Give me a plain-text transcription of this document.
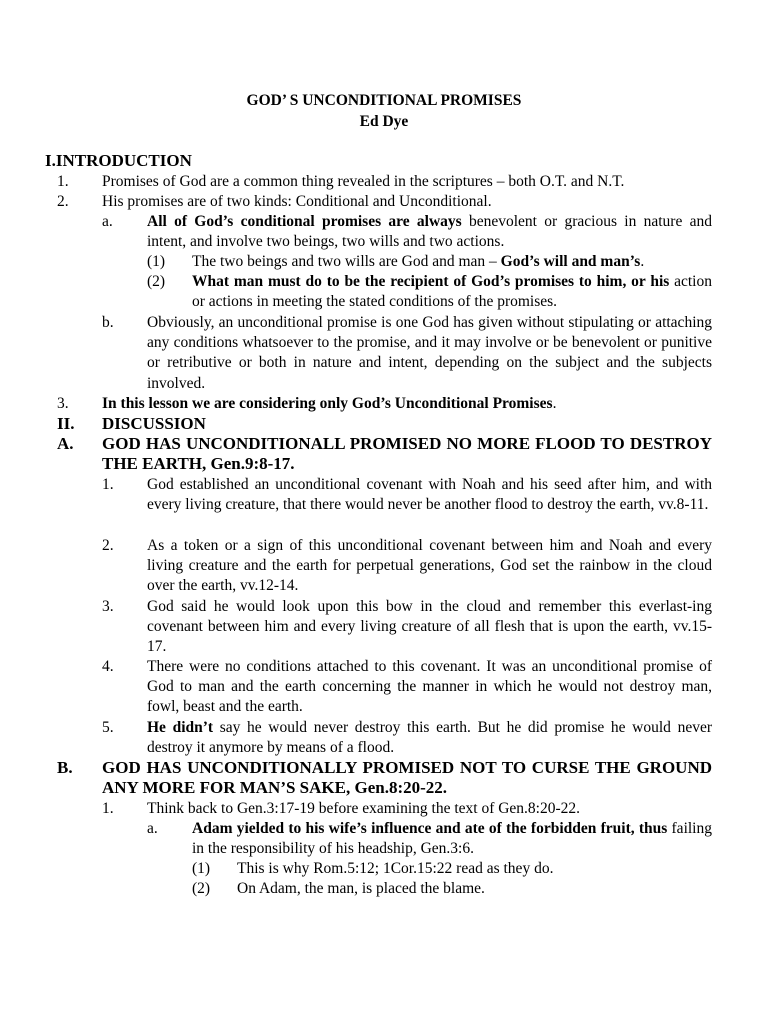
GOD’ S UNCONDITIONAL PROMISES
Ed Dye
I.INTRODUCTION
1. Promises of God are a common thing revealed in the scriptures – both O.T. and N.T.
2. His promises are of two kinds: Conditional and Unconditional.
a. All of God’s conditional promises are always benevolent or gracious in nature and intent, and involve two beings, two wills and two actions.
(1) The two beings and two wills are God and man – God’s will and man’s.
(2) What man must do to be the recipient of God’s promises to him, or his action or actions in meeting the stated conditions of the promises.
b. Obviously, an unconditional promise is one God has given without stipulating or attaching any conditions whatsoever to the promise, and it may involve or be benevolent or punitive or retributive or both in nature and intent, depending on the subject and the subjects involved.
3. In this lesson we are considering only God’s Unconditional Promises.
II. DISCUSSION
A. GOD HAS UNCONDITIONALL PROMISED NO MORE FLOOD TO DESTROY THE EARTH, Gen.9:8-17.
1. God established an unconditional covenant with Noah and his seed after him, and with every living creature, that there would never be another flood to destroy the earth, vv.8-11.
2. As a token or a sign of this unconditional covenant between him and Noah and every living creature and the earth for perpetual generations, God set the rainbow in the cloud over the earth, vv.12-14.
3. God said he would look upon this bow in the cloud and remember this everlast-ing covenant between him and every living creature of all flesh that is upon the earth, vv.15-17.
4. There were no conditions attached to this covenant. It was an unconditional promise of God to man and the earth concerning the manner in which he would not destroy man, fowl, beast and the earth.
5. He didn’t say he would never destroy this earth. But he did promise he would never destroy it anymore by means of a flood.
B. GOD HAS UNCONDITIONALLY PROMISED NOT TO CURSE THE GROUND ANY MORE FOR MAN’S SAKE, Gen.8:20-22.
1. Think back to Gen.3:17-19 before examining the text of Gen.8:20-22.
a. Adam yielded to his wife’s influence and ate of the forbidden fruit, thus failing in the responsibility of his headship, Gen.3:6.
(1) This is why Rom.5:12; 1Cor.15:22 read as they do.
(2) On Adam, the man, is placed the blame.
